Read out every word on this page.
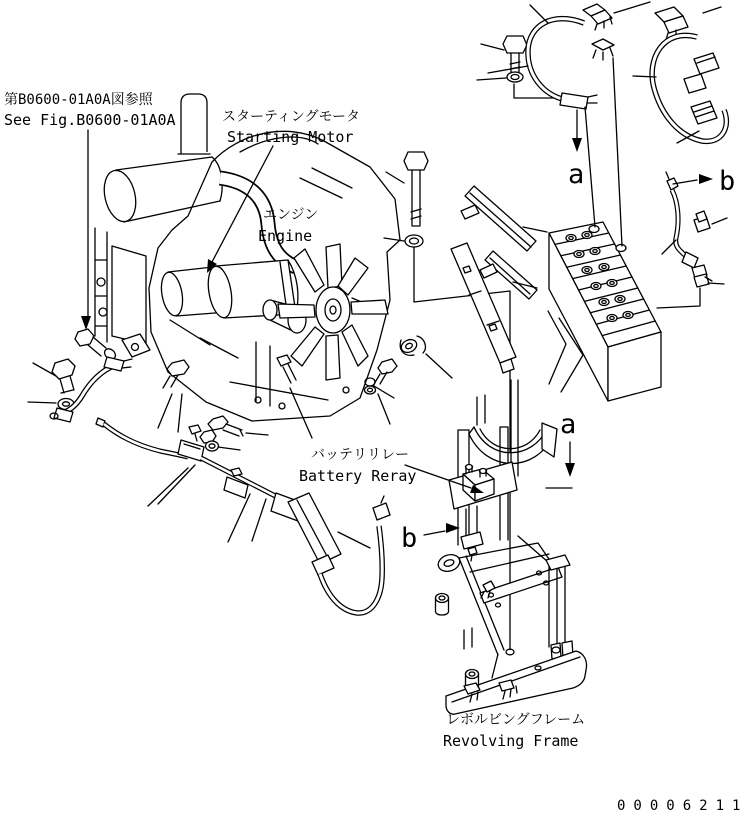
第B0600-01A0A図参照
See Fig.B0600-01A0A	スターティングモータ
Starting Motor
エンジン
Engine
バッテリリレー
Battery Reray
レボルビングフレーム
Revolving Frame
a
a
b
b
00006211
